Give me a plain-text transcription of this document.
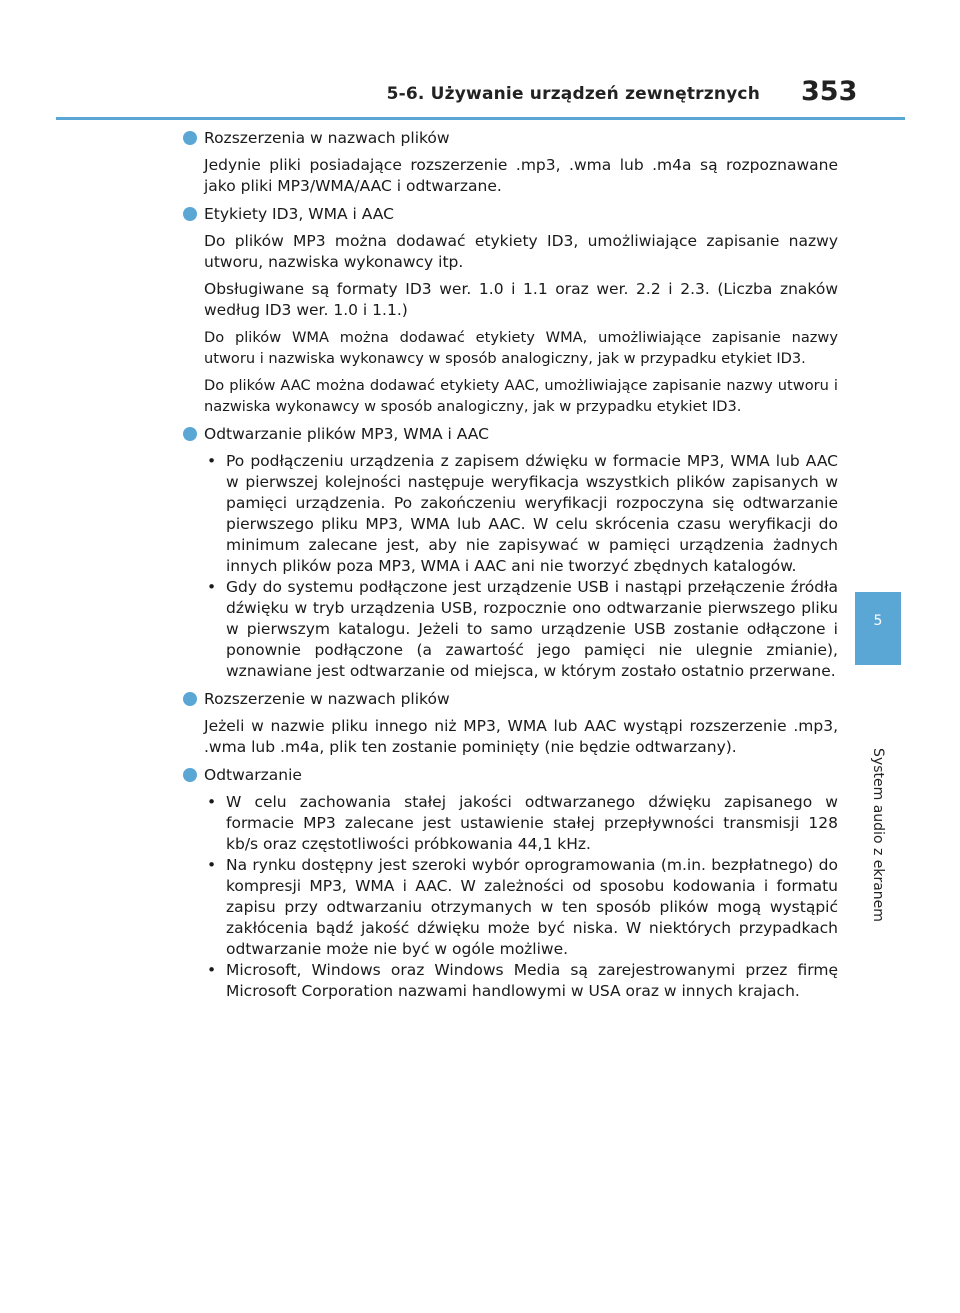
5-6. Używanie urządzeń zewnętrznych 353
5
System audio z ekranem
Rozszerzenia w nazwach plików

Jedynie pliki posiadające rozszerzenie .mp3, .wma lub .m4a są rozpoznawane jako pliki MP3/WMA/AAC i odtwarzane.

Etykiety ID3, WMA i AAC

Do plików MP3 można dodawać etykiety ID3, umożliwiające zapisanie nazwy utworu, nazwiska wykonawcy itp.

Obsługiwane są formaty ID3 wer. 1.0 i 1.1 oraz wer. 2.2 i 2.3. (Liczba znaków według ID3 wer. 1.0 i 1.1.)

Do plików WMA można dodawać etykiety WMA, umożliwiające zapisanie nazwy utworu i nazwiska wykonawcy w sposób analogiczny, jak w przypadku etykiet ID3.

Do plików AAC można dodawać etykiety AAC, umożliwiające zapisanie nazwy utworu i nazwiska wykonawcy w sposób analogiczny, jak w przypadku etykiet ID3.

Odtwarzanie plików MP3, WMA i AAC
• Po podłączeniu urządzenia z zapisem dźwięku w formacie MP3, WMA lub AAC w pierwszej kolejności następuje weryfikacja wszystkich plików zapisanych w pamięci urządzenia. Po zakończeniu weryfikacji rozpoczyna się odtwarzanie pierwszego pliku MP3, WMA lub AAC. W celu skrócenia czasu weryfikacji do minimum zalecane jest, aby nie zapisywać w pamięci urządzenia żadnych innych plików poza MP3, WMA i AAC ani nie tworzyć zbędnych katalogów.
• Gdy do systemu podłączone jest urządzenie USB i nastąpi przełączenie źródła dźwięku w tryb urządzenia USB, rozpocznie ono odtwarzanie pierwszego pliku w pierwszym katalogu. Jeżeli to samo urządzenie USB zostanie odłączone i ponownie podłączone (a zawartość jego pamięci nie ulegnie zmianie), wznawiane jest odtwarzanie od miejsca, w którym zostało ostatnio przerwane.
Rozszerzenie w nazwach plików

Jeżeli w nazwie pliku innego niż MP3, WMA lub AAC wystąpi rozszerzenie .mp3, .wma lub .m4a, plik ten zostanie pominięty (nie będzie odtwarzany).

Odtwarzanie
• W celu zachowania stałej jakości odtwarzanego dźwięku zapisanego w formacie MP3 zalecane jest ustawienie stałej przepływności transmisji 128 kb/s oraz częstotliwości próbkowania 44,1 kHz.
• Na rynku dostępny jest szeroki wybór oprogramowania (m.in. bezpłatnego) do kompresji MP3, WMA i AAC. W zależności od sposobu kodowania i formatu zapisu przy odtwarzaniu otrzymanych w ten sposób plików mogą wystąpić zakłócenia bądź jakość dźwięku może być niska. W niektórych przypadkach odtwarzanie może nie być w ogóle możliwe.
• Microsoft, Windows oraz Windows Media są zarejestrowanymi przez firmę Microsoft Corporation nazwami handlowymi w USA oraz w innych krajach.
